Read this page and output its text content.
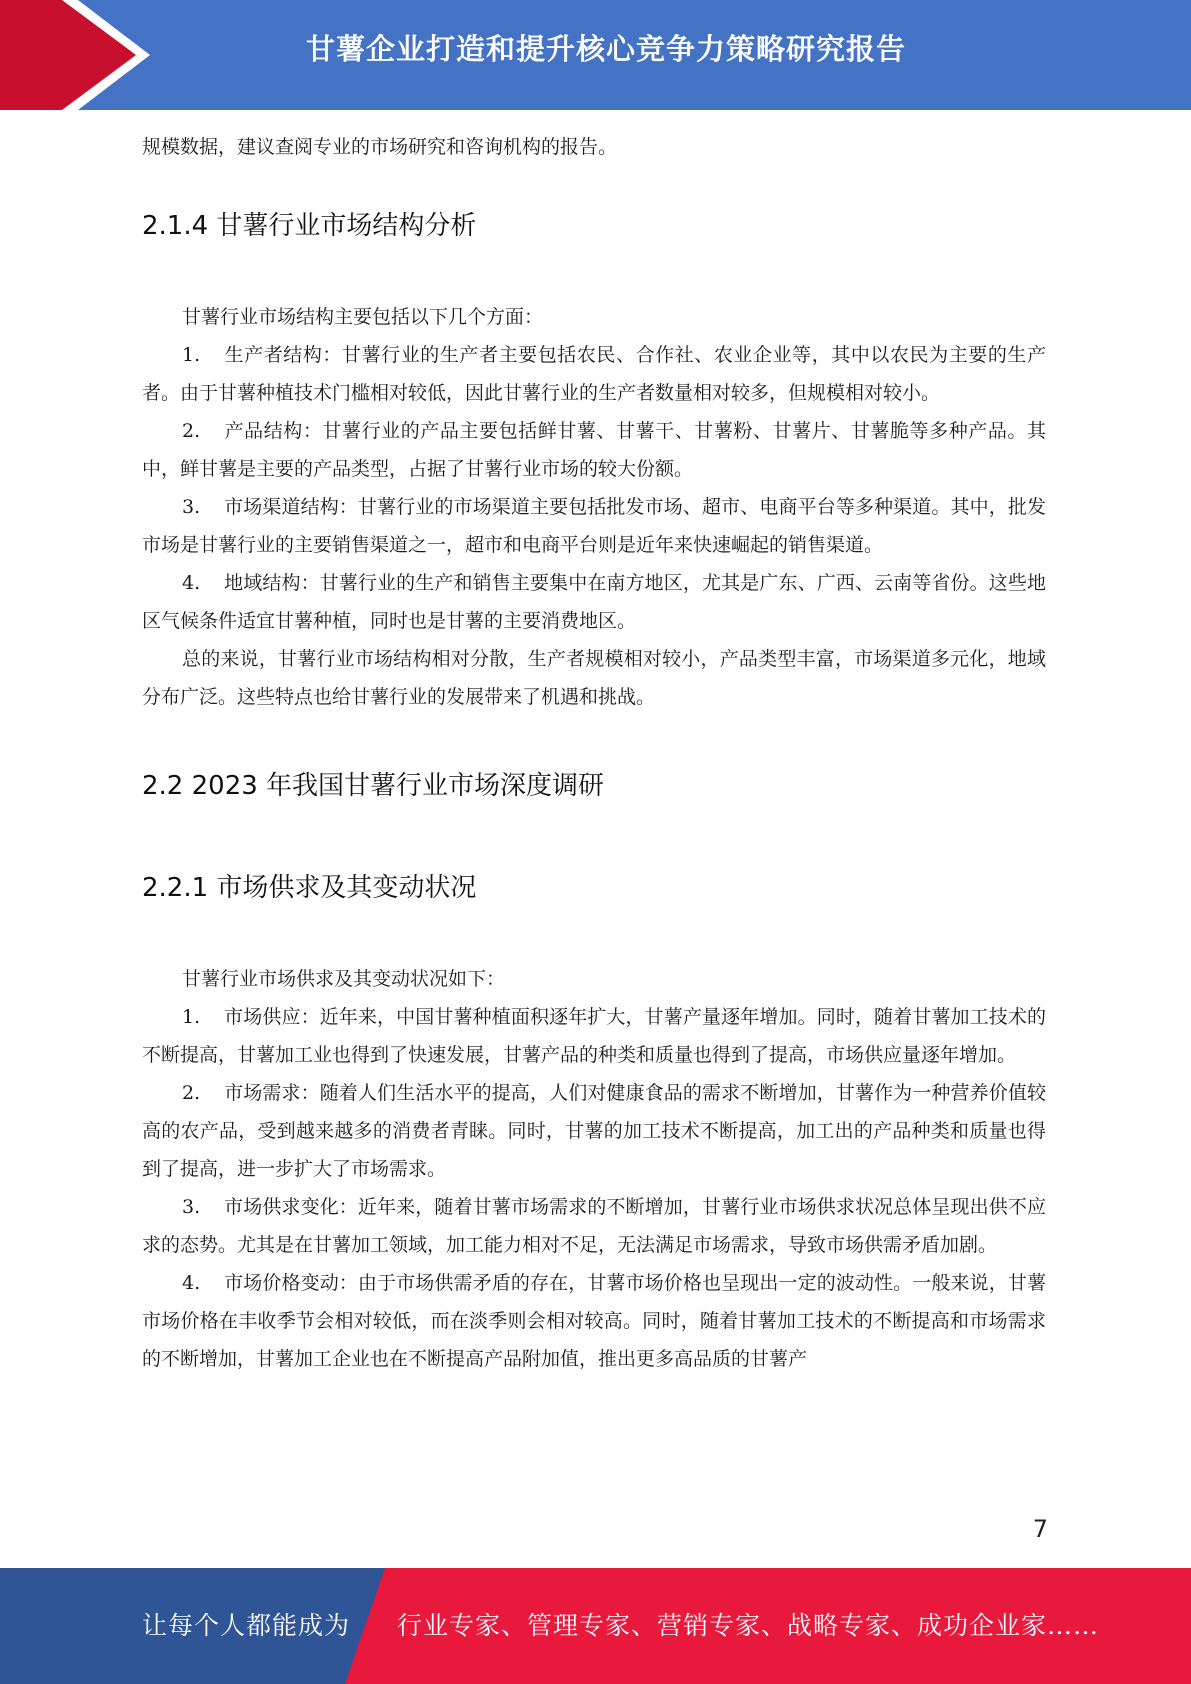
甘薯企业打造和提升核心竞争力策略研究报告

规模数据，建议查阅专业的市场研究和咨询机构的报告。

2.1.4 甘薯行业市场结构分析

甘薯行业市场结构主要包括以下几个方面：

1. 生产者结构：甘薯行业的生产者主要包括农民、合作社、农业企业等，其中以农民为主要的生产者。由于甘薯种植技术门槛相对较低，因此甘薯行业的生产者数量相对较多，但规模相对较小。

2. 产品结构：甘薯行业的产品主要包括鲜甘薯、甘薯干、甘薯粉、甘薯片、甘薯脆等多种产品。其中，鲜甘薯是主要的产品类型，占据了甘薯行业市场的较大份额。

3. 市场渠道结构：甘薯行业的市场渠道主要包括批发市场、超市、电商平台等多种渠道。其中，批发市场是甘薯行业的主要销售渠道之一，超市和电商平台则是近年来快速崛起的销售渠道。

4. 地域结构：甘薯行业的生产和销售主要集中在南方地区，尤其是广东、广西、云南等省份。这些地区气候条件适宜甘薯种植，同时也是甘薯的主要消费地区。

总的来说，甘薯行业市场结构相对分散，生产者规模相对较小，产品类型丰富，市场渠道多元化，地域分布广泛。这些特点也给甘薯行业的发展带来了机遇和挑战。

2.2 2023 年我国甘薯行业市场深度调研
2.2.1 市场供求及其变动状况

甘薯行业市场供求及其变动状况如下：

1. 市场供应：近年来，中国甘薯种植面积逐年扩大，甘薯产量逐年增加。同时，随着甘薯加工技术的不断提高，甘薯加工业也得到了快速发展，甘薯产品的种类和质量也得到了提高，市场供应量逐年增加。

2. 市场需求：随着人们生活水平的提高，人们对健康食品的需求不断增加，甘薯作为一种营养价值较高的农产品，受到越来越多的消费者青睐。同时，甘薯的加工技术不断提高，加工出的产品种类和质量也得到了提高，进一步扩大了市场需求。

3. 市场供求变化：近年来，随着甘薯市场需求的不断增加，甘薯行业市场供求状况总体呈现出供不应求的态势。尤其是在甘薯加工领域，加工能力相对不足，无法满足市场需求，导致市场供需矛盾加剧。

4. 市场价格变动：由于市场供需矛盾的存在，甘薯市场价格也呈现出一定的波动性。一般来说，甘薯市场价格在丰收季节会相对较低，而在淡季则会相对较高。同时，随着甘薯加工技术的不断提高和市场需求的不断增加，甘薯加工企业也在不断提高产品附加值，推出更多高品质的甘薯产

7
让每个人都能成为 行业专家、管理专家、营销专家、战略专家、成功企业家……
